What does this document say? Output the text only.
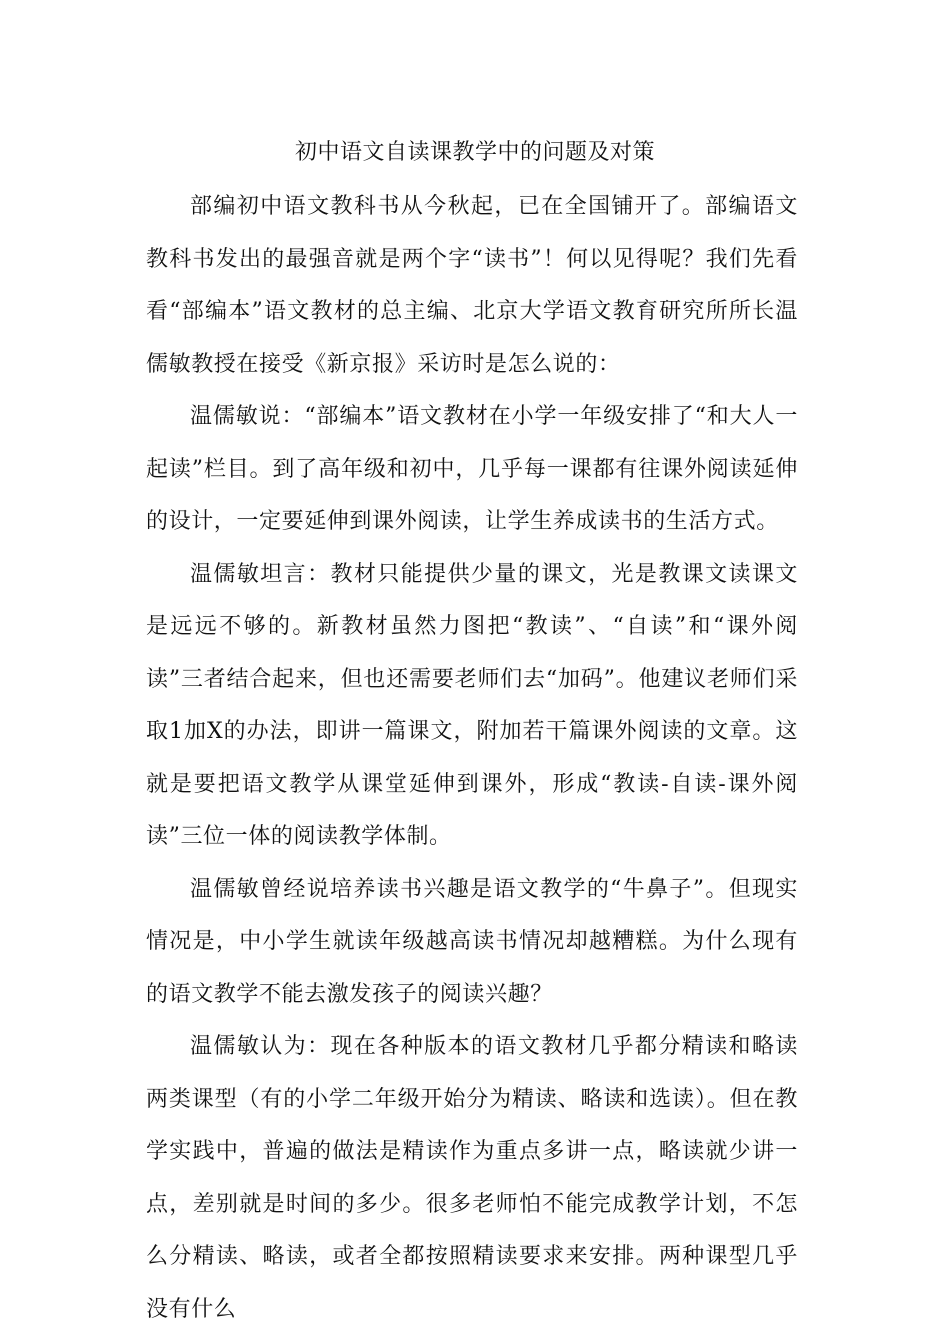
初中语文自读课教学中的问题及对策

部编初中语文教科书从今秋起，已在全国铺开了。部编语文教科书发出的最强音就是两个字“读书”！何以见得呢？我们先看看“部编本”语文教材的总主编、北京大学语文教育研究所所长温儒敏教授在接受《新京报》采访时是怎么说的：

温儒敏说：“部编本”语文教材在小学一年级安排了“和大人一起读”栏目。到了高年级和初中，几乎每一课都有往课外阅读延伸的设计，一定要延伸到课外阅读，让学生养成读书的生活方式。

温儒敏坦言：教材只能提供少量的课文，光是教课文读课文是远远不够的。新教材虽然力图把“教读”、“自读”和“课外阅读”三者结合起来，但也还需要老师们去“加码”。他建议老师们采取1加X的办法，即讲一篇课文，附加若干篇课外阅读的文章。这就是要把语文教学从课堂延伸到课外，形成“教读-自读-课外阅读”三位一体的阅读教学体制。

温儒敏曾经说培养读书兴趣是语文教学的“牛鼻子”。但现实情况是，中小学生就读年级越高读书情况却越糟糕。为什么现有的语文教学不能去激发孩子的阅读兴趣？

温儒敏认为：现在各种版本的语文教材几乎都分精读和略读两类课型（有的小学二年级开始分为精读、略读和选读）。但在教学实践中，普遍的做法是精读作为重点多讲一点，略读就少讲一点，差别就是时间的多少。很多老师怕不能完成教学计划，不怎么分精读、略读，或者全都按照精读要求来安排。两种课型几乎没有什么
